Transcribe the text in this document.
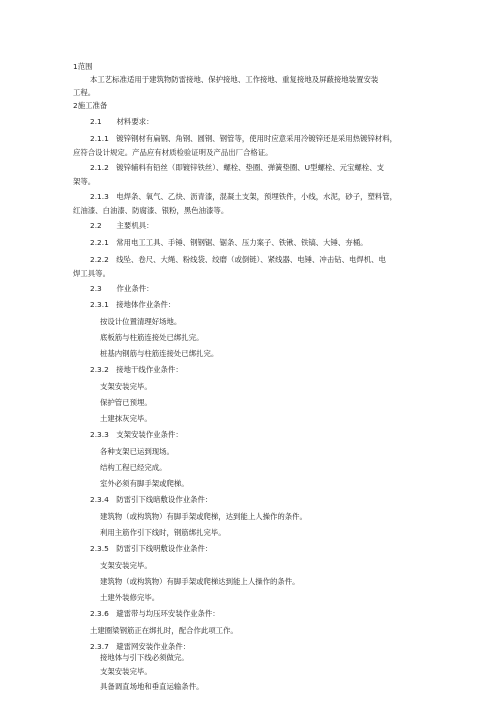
1范围
本工艺标准适用于建筑物防雷接地、保护接地、工作接地、重复接地及屏蔽接地装置安装
工程。
2施工准备
2.1　　材料要求：
2.1.1　镀锌钢材有扁钢、角钢、圆钢、钢管等，使用时应意采用冷镀锌还是采用热镀锌材料，
应符合设计规定。产品应有材质检验证明及产品出厂合格证。
2.1.2　镀锌辅料有铅丝（即镀锌铁丝）、螺栓、垫圈、弹簧垫圈、U型螺栓、元宝螺栓、支
架等。
2.1.3　电焊条、氧气、乙炔、沥青漆，混凝土支架，预埋铁件，小线，水泥，砂子，塑料管，
红油漆、白油漆、防腐漆、银粉，黑色油漆等。
2.2　　主要机具：
2.2.1　常用电工工具、手锤、钢钢锯、锯条、压力案子、铁锹、铁镐、大锤、夯桶。
2.2.2　线坠、卷尺、大绳、粉线袋、绞磨（或倒链）、紧线器、电锤、冲击钻、电焊机、电
焊工具等。
2.3　　作业条件：
2.3.1　接地体作业条件：
按设计位置清理好场地。
底板筋与柱筋连接处已绑扎完。
桩基内钢筋与柱筋连接处已绑扎完。
2.3.2　接地干线作业条件：
支架安装完毕。
保护管已预埋。
土建抹灰完毕。
2.3.3　支架安装作业条件：
各种支架已运到现场。
结构工程已经完成。
室外必须有脚手架或爬梯。
2.3.4　防雷引下线暗敷设作业条件：
建筑物（或构筑物）有脚手架或爬梯，达到能上人操作的条件。
利用主筋作引下线时，钢筋绑扎完毕。
2.3.5　防雷引下线明敷设作业条件：
支架安装完毕。
建筑物（或构筑物）有脚手架或爬梯达到能上人操作的条件。
土建外装修完毕。
2.3.6　避雷带与均压环安装作业条件：
土建圈梁钢筋正在绑扎时，配合作此项工作。
2.3.7　避雷网安装作业条件：
接地体与引下线必须做完。
支架安装完毕。
具备调直场地和垂直运输条件。
